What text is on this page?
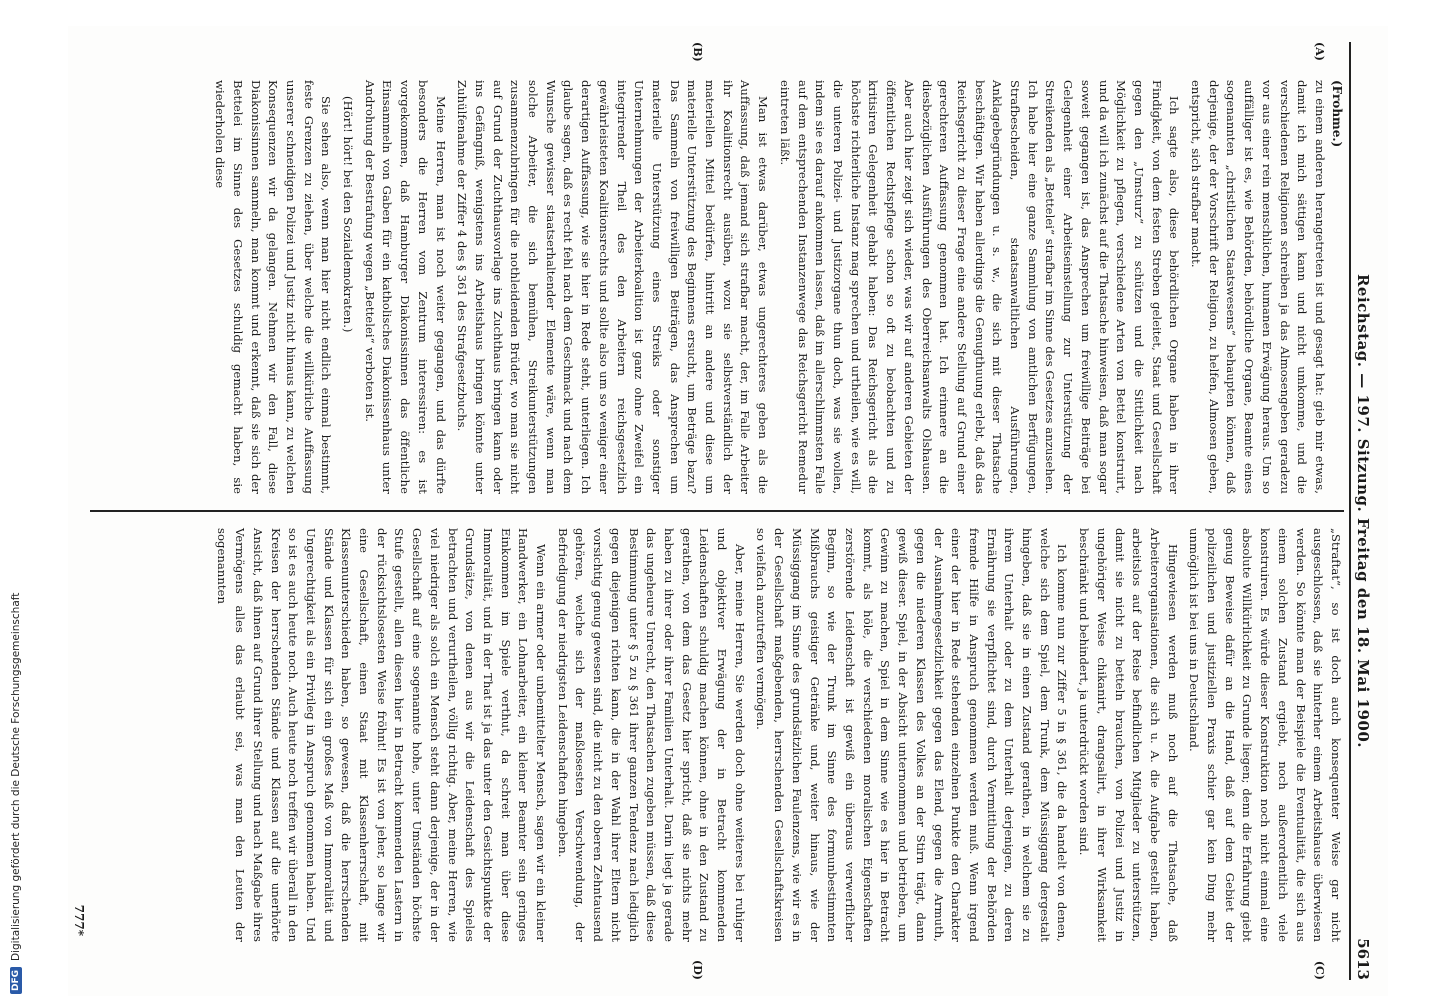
Reichstag. — 197. Sitzung. Freitag den 18. Mai 1900.
5613
(A)
(B)
(Frohme.)

zu einem anderen herangetreten ist und gesagt hat: gieb mir etwas, damit ich mich sättigen kann und nicht umkomme, und die verschiedenen Religionen schreiben ja das Almosengeben geradezu vor aus einer rein menschlichen, humanen Erwägung heraus. Um so auffälliger ist es, wie Behörden, behördliche Organe, Beamte eines sogenannten „christlichen Staatswesens“ behaupten können, daß derjenige, der der Vorschrift der Religion, zu helfen, Almosen geben, entspricht, sich strafbar macht.

Ich sagte also, diese behördlichen Organe haben in ihrer Findigkeit, von dem festen Streben geleitet, Staat und Gesellschaft gegen den „Umsturz“ zu schützen und die Sittlichkeit nach Möglichkeit zu pflegen, verschiedene Arten von Bettel konstruirt, und da will ich zunächst auf die Thatsache hinweisen, daß man sogar soweit gegangen ist, das Ansprechen um freiwillige Beiträge bei Gelegenheit einer Arbeitseinstellung zur Unterstützung der Streikenden als „Bettelei“ strafbar im Sinne des Gesetzes anzusehen. Ich habe hier eine ganze Sammlung von amtlichen Berfügungen, Strafbescheiden, staatsanwaltlichen Ausführungen, Anklagebegründungen u. s. w., die sich mit dieser Thatsache beschäftigen. Wir haben allerdings die Genugthuung erlebt, daß das Reichsgericht zu dieser Frage eine andere Stellung auf Grund einer gerechteren Auffassung genommen hat. Ich erinnere an die diesbezüglichen Ausführungen des Oberreichsanwalts Olshausen. Aber auch hier zeigt sich wieder, was wir auf anderen Gebieten der öffentlichen Rechtspflege schon so oft zu beobachten und zu kritisiren Gelegenheit gehabt haben: Das Reichsgericht als die höchste richterliche Instanz mag sprechen und urtheilen, wie es will, die unteren Polizei- und Justizorgane thun doch, was sie wollen, indem sie es darauf ankommen lassen, daß im allerschlimmsten Falle auf dem entsprechenden Instanzenwege das Reichsgericht Remedur eintreten läßt.

Man ist etwas darüber, etwas ungerechteres geben als die Auffassung, daß jemand sich strafbar macht, der, im Falle Arbeiter ihr Koalitionsrecht ausüben, wozu sie selbstverständlich der materiellen Mittel bedürfen, hintritt an andere und diese um materielle Unterstützung des Beginnens ersucht, um Beträge bazu? Das Sammeln von freiwilligen Beiträgen, das Ansprechen um materielle Unterstützung eines Streiks oder sonstiger Unternehmungen der Arbeiterkoalition ist ganz ohne Zweifel ein integrirender Theil des den Arbeitern reichsgesetzlich gewährleisteten Koalitionsrechts und sollte also um so weniger einer derartigen Auffassung, wie sie hier in Rede steht, unterliegen. Ich glaube sagen, daß es recht fehl nach dem Geschmack und nach dem Wunsche gewisser staatserhaltender Elemente wäre, wenn man solche Arbeiter, die sich bemühen, Streikunterstützungen zusammenzubringen für die nothleidenden Brüder, wo man sie nicht auf Grund der Zuchthausvorlage ins Zuchthaus bringen kann oder ins Gefängniß, wenigstens ins Arbeitshaus bringen könnte unter Zuhülfenahme der Ziffer 4 des § 361 des Strafgesetzbuchs.

Meine Herren, man ist noch weiter gegangen, und das dürfte besonders die Herren vom Zentrum interessiren: es ist vorgekommen, daß Hamburger Diakonissinnen das öffentliche Einsammeln von Gaben für ein katholisches Diakonissenhaus unter Androhung der Bestrafung wegen „Bettelei“ verboten ist.

(Hört! hört! bei den Sozialdemokraten.)

Sie sehen also, wenn man hier nicht endlich einmal bestimmt, feste Grenzen zu ziehen, über welche die willkürliche Auffassung unserer schneidigen Polizei und Justiz nicht hinaus kann, zu welchen Konsequenzen wir da gelangen. Nehmen wir den Fall, diese Diakonissinnen sammeln, man kommt und erkennt, daß sie sich der Bettelei im Sinne des Gesetzes schuldig gemacht haben, sie wiederholen diese

(C)
(D)

„Straftat“, so ist doch auch konsequenter Weise gar nicht ausgeschlossen, daß sie hinterher einem Arbeitshause überwiesen werden. So könnte man der Beispiele die Eventualität, die sich aus einem solchen Zustand ergiebt, noch außerordentlich viele konstruiren. Es würde dieser Konstruktion noch nicht einmal eine absolute Willkürlichkeit zu Grunde liegen; denn die Erfahrung giebt genug Beweise dafür an die Hand, daß auf dem Gebiet der polizeilichen und justiziellen Praxis schier gar kein Ding mehr unmöglich ist bei uns in Deutschland.

Hingewiesen werden muß noch auf die Thatsache, daß Arbeiterorganisationen, die sich u. A. die Aufgabe gestellt haben, arbeitslos auf der Reise befindlichen Mitglieder zu unterstützen, damit sie nicht zu betteln brauchen, von Polizei und Justiz in ungehöriger Weise chikanirt, drangsalirt, in ihrer Wirksamkeit beschränkt und behindert, ja unterdrückt worden sind.

Ich komme nun zur Ziffer 5 in § 361, die da handelt von denen, welche sich dem Spiel, dem Trunk, dem Müssiggang dergestalt hingeben, daß sie in einen Zustand gerathen, in welchem sie zu ihrem Unterhalt oder zu dem Unterhalt derjenigen, zu deren Ernährung sie verpflichtet sind, durch Vermittlung der Behörden fremde Hilfe in Anspruch genommen werden muß. Wenn irgend einer der hier in Rede stehenden einzelnen Punkte den Charakter der Ausnahmegesetzlichkeit gegen das Elend, gegen die Armuth, gegen die niederen Klassen des Volkes an der Stirn trägt, dann gewiß dieser. Spiel, in der Absicht unternommen und betrieben, um Gewinn zu machen, Spiel in dem Sinne wie es hier in Betracht kommt, als höle, die verschiedenen moralischen Eigenschaften zerstörende Leidenschaft ist gewiß ein überaus verwerflicher Beginn, so wie der Trunk im Sinne des formunbestimmten Mißbrauchs geistiger Getränke und, weiter hinaus, wie der Müssiggang im Sinne des grundsätzlichen Faulenzens, wie wir es in der Gesellschaft maßgebenden, herrschenden Gesellschaftskreisen so vielfach anzutreffen vermögen.

Aber, meine Herren, Sie werden doch ohne weiteres bei ruhiger und objektiver Erwägung der in Betracht kommenden Leidenschaften schuldig machen können, ohne in den Zustand zu gerathen, von dem das Gesetz hier spricht, daß sie nichts mehr haben zu ihrer oder ihrer Familien Unterhalt. Darin liegt ja gerade das ungeheure Unrecht, den Thatsachen zugeben müssen, daß diese Bestimmung unter § 5 zu § 361 ihrer ganzen Tendenz nach lediglich gegen diejenigen richten kann, die in der Wahl ihrer Eltern nicht vorsichtig genug gewesen sind, die nicht zu den oberen Zehntausend gehören, welche sich der maßlosesten Verschwendung, der Befriedigung der niedrigsten Leidenschaften hingeben.

Wenn ein armer oder unbemittelter Mensch, sagen wir ein kleiner Handwerker, ein Lohnarbeiter, ein kleiner Beamter sein geringes Einkommen im Spiele verthut, da schreit man über diese Immoralität, und in der That ist ja das unter den Gesichtspunkte der Grundsätze, von denen aus wir die Leidenschaft des Spieles betrachten und verurtheilen, völlig richtig. Aber, meine Herren, wie viel niedriger als solch ein Mensch steht dann derjenige, der in der Gesellschaft auf eine sogenannte hohe, unter Umständen höchste Stufe gestellt, allen diesen hier in Betracht kommenden Lastern in der rücksichtslosesten Weise fröhnt! Es ist von jeher, so lange wir eine Gesellschaft, einen Staat mit Klassenherrschaft, mit Klassenunterschieden haben, so gewesen, daß die herrschenden Stände und Klassen für sich ein großes Maß von Immoralität und Ungerechtigkeit als ein Privileg in Anspruch genommen haben. Und so ist es auch heute noch. Auch heute noch treffen wir überall in den Kreisen der herrschenden Stände und Klassen auf die unerhörte Ansicht, daß ihnen auf Grund ihrer Stellung und nach Maßgabe ihres Vermögens alles das erlaubt sei, was man den Leuten der sogenannten

777*
DFG
Digitalisierung gefördert durch die Deutsche Forschungsgemeinschaft
